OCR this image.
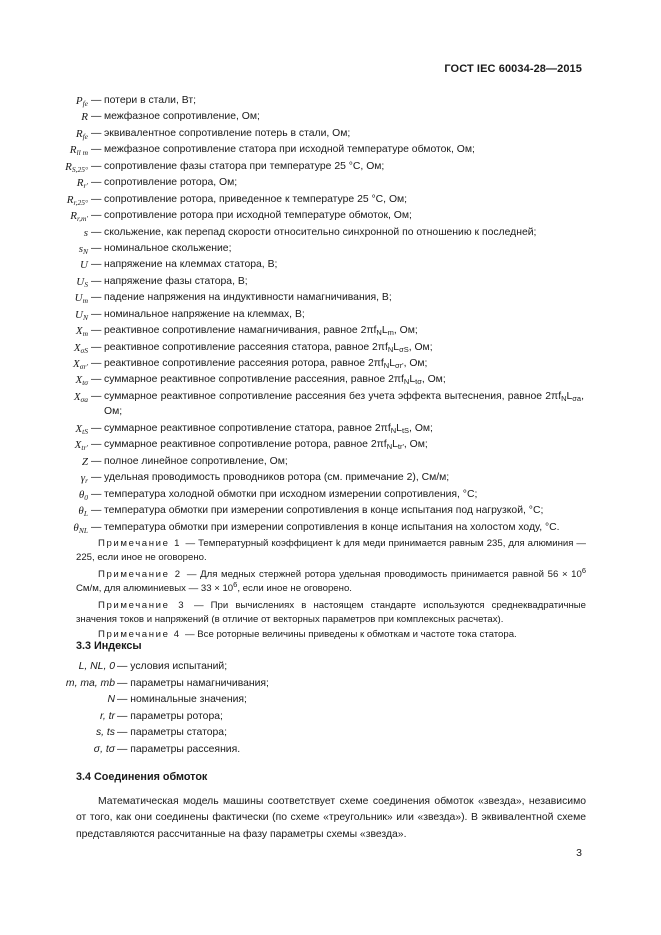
ГОСТ IEC 60034-28—2015
$P_{fe}$ — потери в стали, Вт;
R — межфазное сопротивление, Ом;
$R_{fe}$ — эквивалентное сопротивление потерь в стали, Ом;
$R_{ll m}$ — межфазное сопротивление статора при исходной температуре обмоток, Ом;
$R_{S,25^\circ}$ — сопротивление фазы статора при температуре 25 °С, Ом;
$R_{r'}$ — сопротивление ротора, Ом;
$R_{r,25^\circ}$ — сопротивление ротора, приведенное к температуре 25 °С, Ом;
$R_{r,m'}$ — сопротивление ротора при исходной температуре обмоток, Ом;
s — скольжение, как перепад скорости относительно синхронной по отношению к последней;
$s_N$ — номинальное скольжение;
U — напряжение на клеммах статора, В;
$U_S$ — напряжение фазы статора, В;
$U_m$ — падение напряжения на индуктивности намагничивания, В;
$U_N$ — номинальное напряжение на клеммах, В;
$X_m$ — реактивное сопротивление намагничивания, равное $2\pi f_NL_m$, Ом;
$X_{\sigma S}$ — реактивное сопротивление рассеяния статора, равное $2\pi f_NL_{\sigma S}$, Ом;
$X_{\sigma r'}$ — реактивное сопротивление рассеяния ротора, равное $2\pi f_NL_{\sigma r'}$, Ом;
$X_{t\sigma}$ — суммарное реактивное сопротивление рассеяния, равное $2\pi f_NL_{t\sigma}$, Ом;
$X_{\sigma a}$ — суммарное реактивное сопротивление рассеяния без учета эффекта вытеснения, равное $2\pi f_NL_{\sigma a}$, Ом;
$X_{tS}$ — суммарное реактивное сопротивление статора, равное $2\pi f_NL_{tS}$, Ом;
$X_{tr'}$ — суммарное реактивное сопротивление ротора, равное $2\pi f_NL_{tr'}$, Ом;
Z — полное линейное сопротивление, Ом;
$\gamma_r$ — удельная проводимость проводников ротора (см. примечание 2), См/м;
$\theta_0$ — температура холодной обмотки при исходном измерении сопротивления, °С;
$\theta_L$ — температура обмотки при измерении сопротивления в конце испытания под нагрузкой, °С;
$\theta_{NL}$ — температура обмотки при измерении сопротивления в конце испытания на холостом ходу, °С.
Примечание 1 — Температурный коэффициент k для меди принимается равным 235, для алюминия — 225, если иное не оговорено.
Примечание 2 — Для медных стержней ротора удельная проводимость принимается равной $56 \times 10^6$ См/м, для алюминиевых — $33 \times 10^6$, если иное не оговорено.
Примечание 3 — При вычислениях в настоящем стандарте используются среднеквадратичные значения токов и напряжений (в отличие от векторных параметров при комплексных расчетах).
Примечание 4 — Все роторные величины приведены к обмоткам и частоте тока статора.
3.3 Индексы
L, NL, 0 — условия испытаний;
m, ma, mb — параметры намагничивания;
N — номинальные значения;
r, tr — параметры ротора;
s, ts — параметры статора;
σ, tσ — параметры рассеяния.
3.4 Соединения обмоток
Математическая модель машины соответствует схеме соединения обмоток «звезда», независимо от того, как они соединены фактически (по схеме «треугольник» или «звезда»). В эквивалентной схеме представляются рассчитанные на фазу параметры схемы «звезда».
3
